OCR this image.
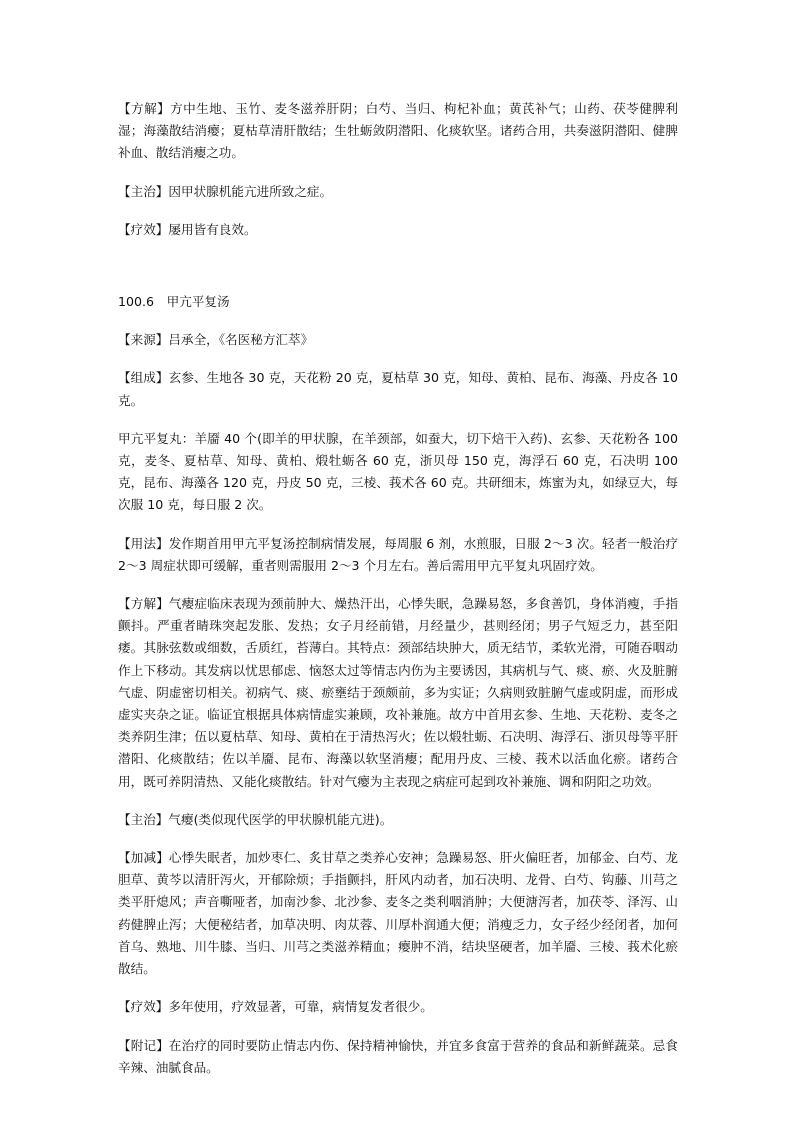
【方解】方中生地、玉竹、麦冬滋养肝阴；白芍、当归、枸杞补血；黄芪补气；山药、茯苓健脾利湿；海藻散结消瘿；夏枯草清肝散结；生牡蛎敛阴潜阳、化痰软坚。诸药合用，共奏滋阴潜阳、健脾补血、散结消瘿之功。

【主治】因甲状腺机能亢进所致之症。

【疗效】屡用皆有良效。

100.6　甲亢平复汤

【来源】吕承全，《名医秘方汇萃》

【组成】玄参、生地各 30 克，天花粉 20 克，夏枯草 30 克，知母、黄柏、昆布、海藻、丹皮各 10 克。

甲亢平复丸：羊靥 40 个(即羊的甲状腺，在羊颈部，如蚕大，切下焙干入药)、玄参、天花粉各 100 克，麦冬、夏枯草、知母、黄柏、煅牡蛎各 60 克，浙贝母 150 克，海浮石 60 克，石决明 100 克，昆布、海藻各 120 克，丹皮 50 克，三棱、莪术各 60 克。共研细末，炼蜜为丸，如绿豆大，每次服 10 克，每日服 2 次。

【用法】发作期首用甲亢平复汤控制病情发展，每周服 6 剂，水煎服，日服 2～3 次。轻者一般治疗 2～3 周症状即可缓解，重者则需服用 2～3 个月左右。善后需用甲亢平复丸巩固疗效。

【方解】气瘿症临床表现为颈前肿大、燥热汗出，心悸失眠，急躁易怒，多食善饥，身体消瘦，手指颤抖。严重者睛珠突起发胀、发热；女子月经前错，月经量少，甚则经闭；男子气短乏力，甚至阳痿。其脉弦数或细数，舌质红，苔薄白。其特点：颈部结块肿大，质无结节，柔软光滑，可随吞咽动作上下移动。其发病以忧思郁虑、恼怒太过等情志内伤为主要诱因，其病机与气、痰、瘀、火及脏腑气虚、阴虚密切相关。初病气、痰、瘀壅结于颈颇前，多为实证；久病则致脏腑气虚或阴虚，而形成虚实夹杂之证。临证宜根据具体病情虚实兼顾，攻补兼施。故方中首用玄参、生地、天花粉、麦冬之类养阴生津；伍以夏枯草、知母、黄柏在于清热泻火；佐以煅牡蛎、石决明、海浮石、浙贝母等平肝潜阳、化痰散结；佐以羊靥、昆布、海藻以软坚消瘿；配用丹皮、三棱、莪术以活血化瘀。诸药合用，既可养阴清热、又能化痰散结。针对气瘿为主表现之病症可起到攻补兼施、调和阴阳之功效。

【主治】气瘿(类似现代医学的甲状腺机能亢进)。

【加减】心悸失眠者，加炒枣仁、炙甘草之类养心安神；急躁易怒、肝火偏旺者，加郁金、白芍、龙胆草、黄芩以清肝泻火，开郁除烦；手指颤抖，肝风内动者，加石决明、龙骨、白芍、钩藤、川芎之类平肝熄风；声音嘶哑者，加南沙参、北沙参、麦冬之类利咽消肿；大便溏泻者，加茯苓、泽泻、山药健脾止泻；大便秘结者，加草决明、肉苁蓉、川厚朴润通大便；消瘦乏力，女子经少经闭者，加何首乌、熟地、川牛膝、当归、川芎之类滋养精血；瘿肿不消，结块坚硬者，加羊靥、三棱、莪术化瘀散结。

【疗效】多年使用，疗效显著，可靠，病情复发者很少。

【附记】在治疗的同时要防止情志内伤、保持精神愉快，并宜多食富于营养的食品和新鲜蔬菜。忌食辛辣、油腻食品。
